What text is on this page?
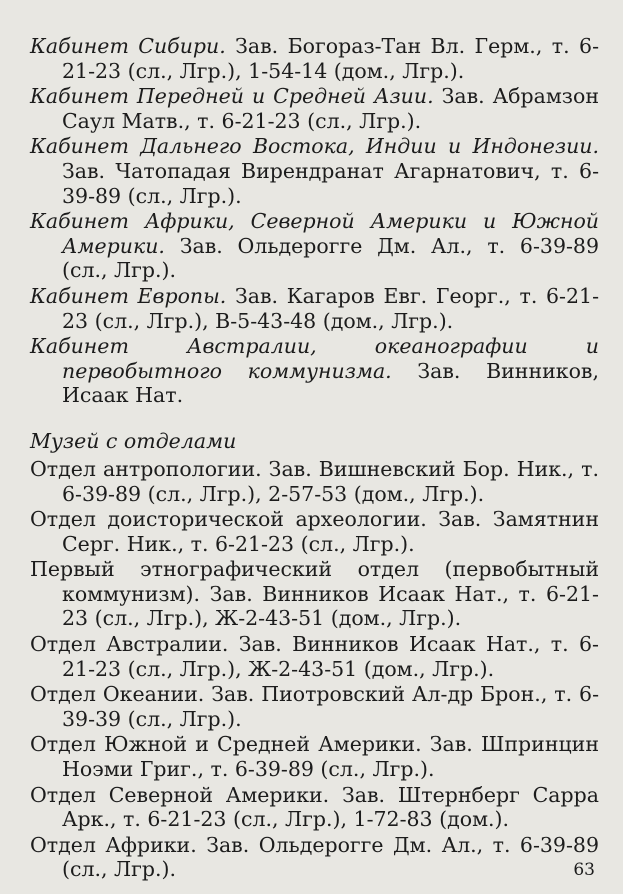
Кабинет Сибири. Зав. Богораз-Тан Вл. Герм., т. 6-21-23 (сл., Лгр.), 1-54-14 (дом., Лгр.).
Кабинет Передней и Средней Азии. Зав. Абрамзон Саул Матв., т. 6-21-23 (сл., Лгр.).
Кабинет Дальнего Востока, Индии и Индонезии. Зав. Чатопадая Вирендранат Агарнатович, т. 6-39-89 (сл., Лгр.).
Кабинет Африки, Северной Америки и Южной Америки. Зав. Ольдерогге Дм. Ал., т. 6-39-89 (сл., Лгр.).
Кабинет Европы. Зав. Кагаров Евг. Георг., т. 6-21-23 (сл., Лгр.), В-5-43-48 (дом., Лгр.).
Кабинет Австралии, океанографии и первобытного коммунизма. Зав. Винников, Исаак Нат.
Музей с отделами
Отдел антропологии. Зав. Вишневский Бор. Ник., т. 6-39-89 (сл., Лгр.), 2-57-53 (дом., Лгр.).
Отдел доисторической археологии. Зав. Замятнин Серг. Ник., т. 6-21-23 (сл., Лгр.).
Первый этнографический отдел (первобытный коммунизм). Зав. Винников Исаак Нат., т. 6-21-23 (сл., Лгр.), Ж-2-43-51 (дом., Лгр.).
Отдел Австралии. Зав. Винников Исаак Нат., т. 6-21-23 (сл., Лгр.), Ж-2-43-51 (дом., Лгр.).
Отдел Океании. Зав. Пиотровский Ал-др Брон., т. 6-39-39 (сл., Лгр.).
Отдел Южной и Средней Америки. Зав. Шпринцин Ноэми Григ., т. 6-39-89 (сл., Лгр.).
Отдел Северной Америки. Зав. Штернберг Сарра Арк., т. 6-21-23 (сл., Лгр.), 1-72-83 (дом.).
Отдел Африки. Зав. Ольдерогге Дм. Ал., т. 6-39-89 (сл., Лгр.).	63
